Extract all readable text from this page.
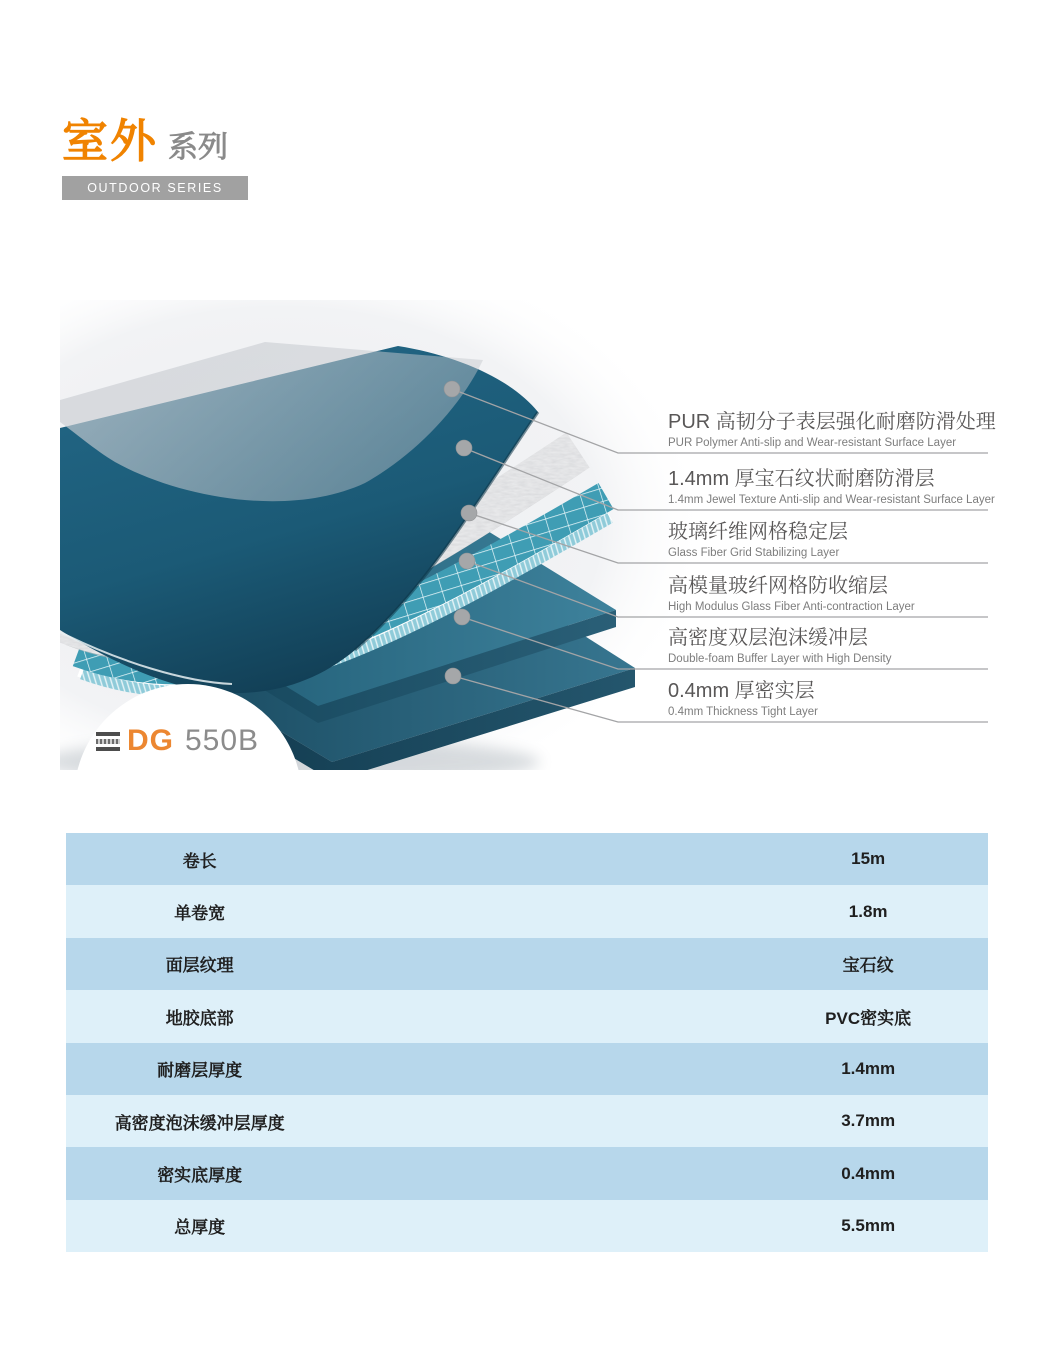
室外 系列
OUTDOOR SERIES
PUR 高韧分子表层强化耐磨防滑处理
PUR Polymer Anti-slip and Wear-resistant Surface Layer
1.4mm 厚宝石纹状耐磨防滑层
1.4mm Jewel Texture Anti-slip and Wear-resistant Surface Layer
玻璃纤维网格稳定层
Glass Fiber Grid Stabilizing Layer
高模量玻纤网格防收缩层
High Modulus Glass Fiber Anti-contraction Layer
高密度双层泡沫缓冲层
Double-foam Buffer Layer with High Density
0.4mm 厚密实层
0.4mm Thickness Tight Layer
DG 550B
卷长	15m
单卷宽	1.8m
面层纹理	宝石纹
地胶底部	PVC密实底
耐磨层厚度	1.4mm
高密度泡沫缓冲层厚度	3.7mm
密实底厚度	0.4mm
总厚度	5.5mm
